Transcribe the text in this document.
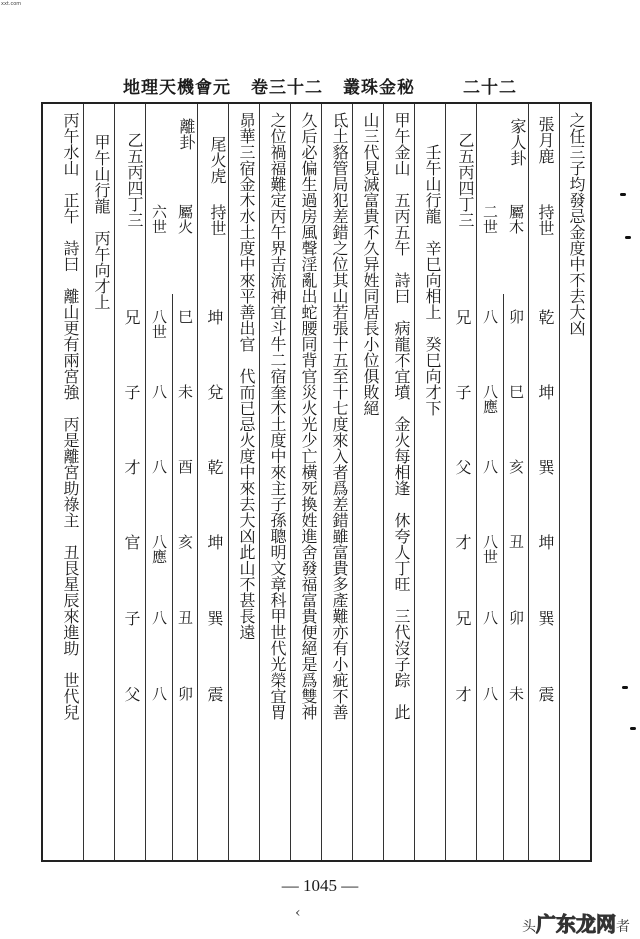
xxt.com
地理天機會元 卷三十二 叢珠金秘	二十二
之任三子均發忌金度中不去大凶
張月鹿
持世
乾
坤
巽
坤
巽
震
家人卦
屬木
二世
卯
八
巳
八應
亥
八
丑
八世
卯
八
未
八
乙五丙四丁三
兄
子
父
才
兄
才
壬午山行龍　辛巳向相上　癸巳向才下
甲午金山　五丙五午　詩曰　病龍不宜墳　金火每相逢　休夸人丁旺　三代沒子踪　此
山三代見滅富貴不久异姓同居長小位俱敗絕
氐土貉管局犯差錯之位其山若張十五至十七度來入者爲差錯雖富貴多產難亦有小疵不善
久后必偏生過房風聲淫亂出蛇腰同背官災火光少亡橫死換姓進舍發福富貴便絕是爲雙神
之位禍福難定丙午界吉流神宜斗牛二宿奎木土度中來主子孫聰明文章科甲世代光榮宜胃
昴華三宿金木水土度中來平善出官　代而已忌火度中來去大凶此山不甚長遠
尾火虎
持世
坤
兌
乾
坤
巽
震
離卦
屬火
六世
巳
八世
未
八
酉
八
亥
八應
丑
八
卯
八
乙五丙四丁三
兄
子
才
官
子
父
甲午山行龍　丙午向才上
丙午水山　正午　詩曰　離山更有兩宮強　丙是離宮助祿主　丑艮星辰來進助　世代兒
— 1045 —
‹
头广东龙网者
